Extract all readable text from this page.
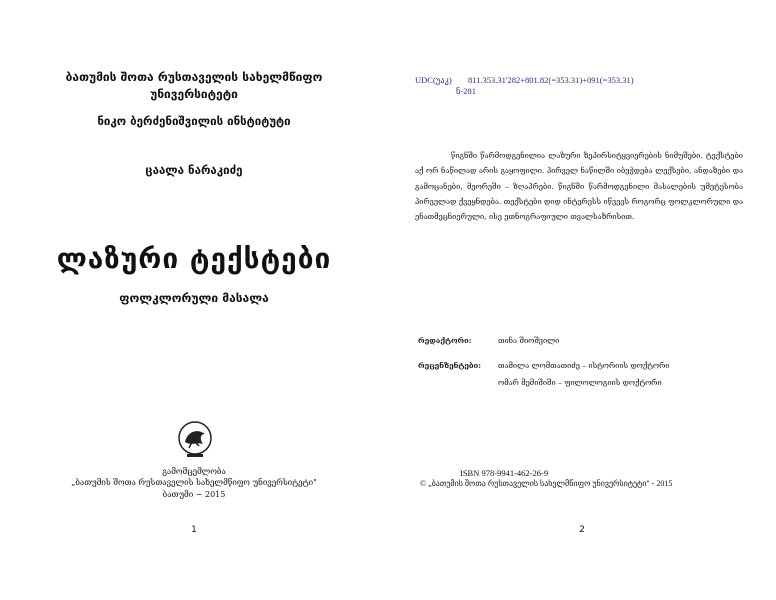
ბათუმის შოთა რუსთაველის სახელმწიფო
უნივერსიტეტი
ნიკო ბერძენიშვილის ინსტიტუტი
ცაალა ნარაკიძე
ლაზური ტექსტები
ფოლკლორული მასალა
გამომცემლობა
„ბათუმის შოთა რუსთაველის სახელმწიფო უნივერსიტეტი"
ბათუმი − 2015
1
UDC(უაკ) 811.353.31'282+801.82(=353.31)+091(=353.31)
ნ-281
წიგნში წარმოდგენილია ლაზური ზეპირსიტყვიერების ნიმუშები. ტექსტები აქ ორ ნაწილად არის გაყოფილი. პირველ ნაწილში იბეჭდება ლექსები, ანდაზები და გამოცანები, მეორეში – ზღაპრები. წიგნში წარმოდგენილი მასალების უმეტესობა პირველად ქვეყნდება. თექსტები დიდ ინტერესს იწვევს როგორც ფოლკლორული და ენათმეცნიერული, ისე ეთნოგრაფიული თვალსაზრისით.
რედაქტორი:	თინა შიოშვილი
რეცენზენტები: თამილა ლომთათიძე – ისტორიის დოქტორი
ომარ მემიშიში – ფილოლოგიის დოქტორი
ISBN 978-9941-462-26-9
© „ბათუმის შოთა რუსთაველის სახელმწიფო უნივერსიტეტი" - 2015
2
